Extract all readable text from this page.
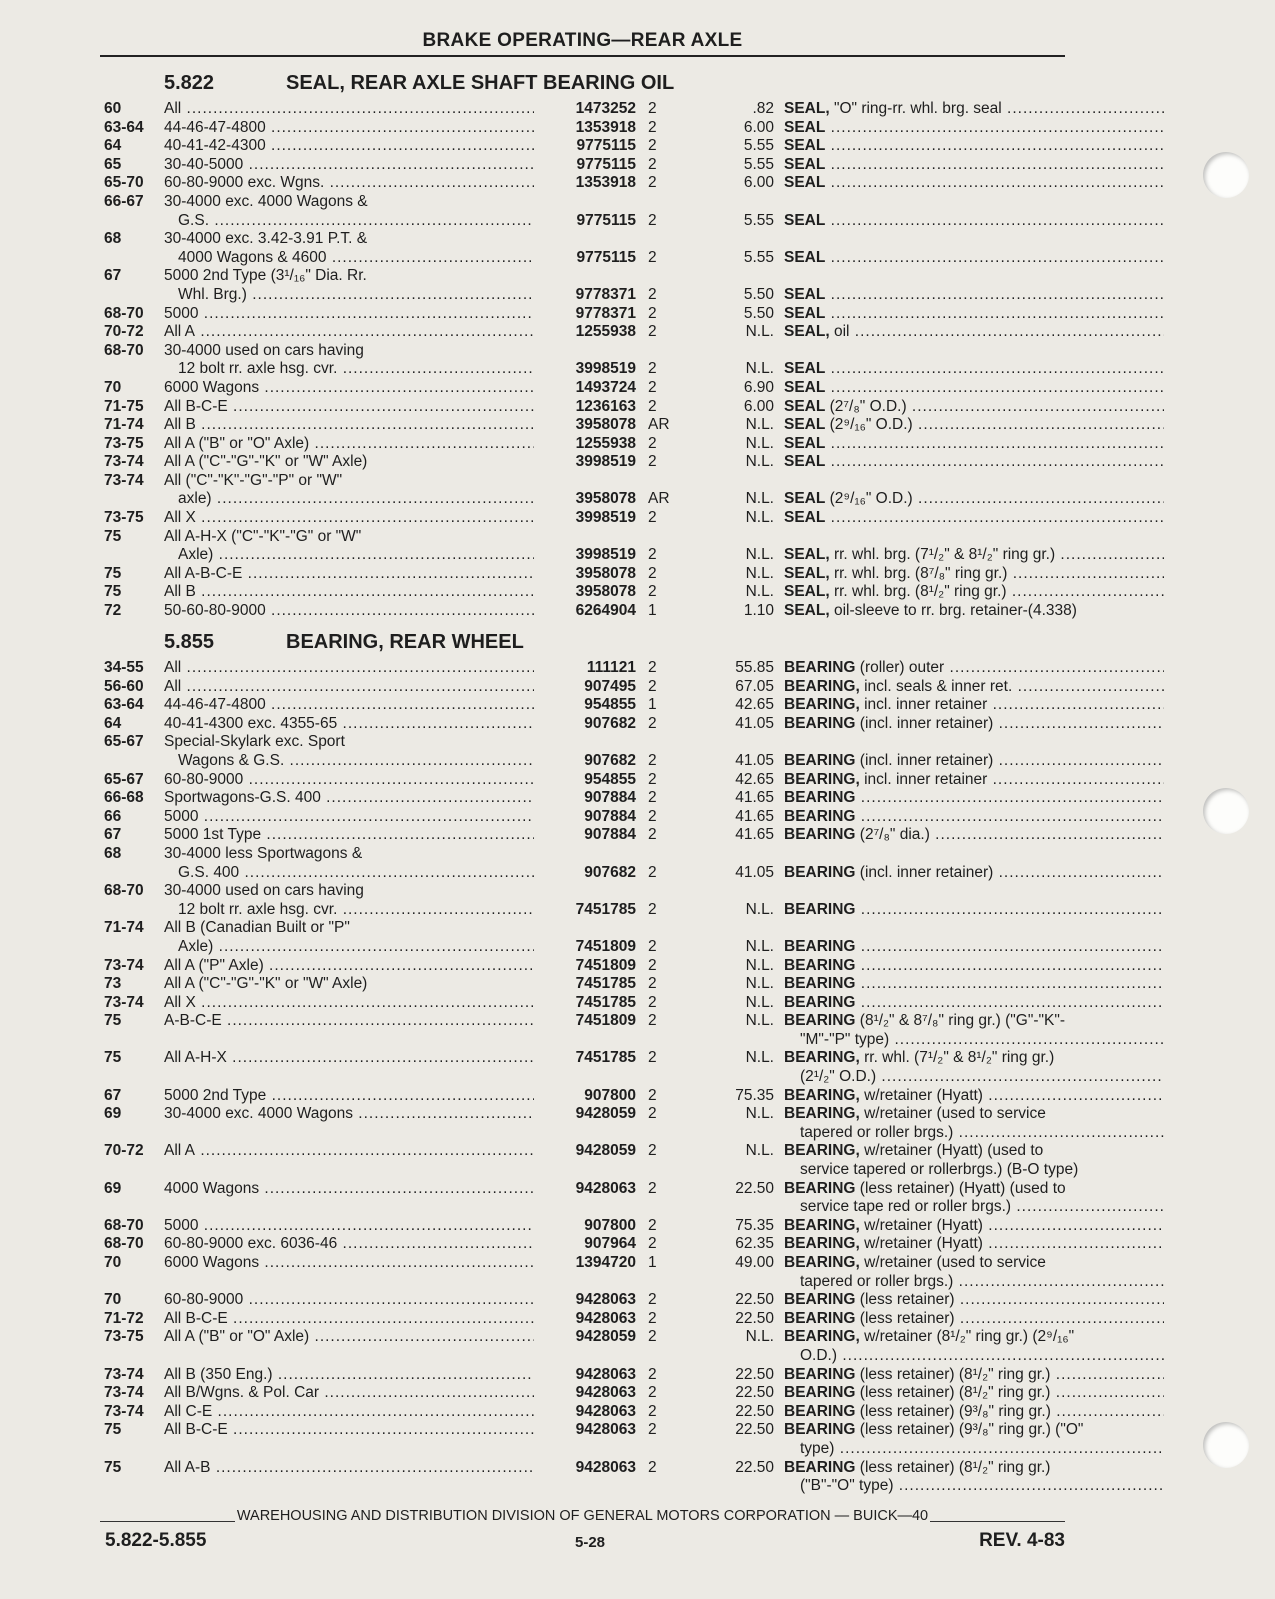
BRAKE OPERATING—REAR AXLE
5.822	SEAL, REAR AXLE SHAFT BEARING OIL
60	All .....	1473252 2	.82 SEAL, "O" ring-rr. whl. brg. seal .....
63-64	44-46-47-4800 .....	1353918 2	6.00 SEAL .....
64	40-41-42-4300 .....	9775115 2	5.55 SEAL .....
65	30-40-5000 .....	9775115 2	5.55 SEAL .....
65-70	60-80-9000 exc. Wgns. .....	1353918 2	6.00 SEAL .....
66-67	30-4000 exc. 4000 Wagons &
G.S. .....	9775115 2	5.55 SEAL .....
68	30-4000 exc. 3.42-3.91 P.T. &
4000 Wagons & 4600 .....	9775115 2	5.55 SEAL .....
67	5000 2nd Type (3¹/₁₆" Dia. Rr.
Whl. Brg.) .....	9778371 2	5.50 SEAL .....
68-70	5000 .....	9778371 2	5.50 SEAL .....
70-72	All A .....	1255938 2	N.L. SEAL, oil .....
68-70	30-4000 used on cars having
12 bolt rr. axle hsg. cvr. .....	3998519 2	N.L. SEAL .....
70	6000 Wagons .....	1493724 2	6.90 SEAL .....
71-75	All B-C-E .....	1236163 2	6.00 SEAL (2⁷/₈" O.D.) .....
71-74	All B .....	3958078 AR	N.L. SEAL (2⁹/₁₆" O.D.) .....
73-75	All A ("B" or "O" Axle) .....	1255938 2	N.L. SEAL .....
73-74	All A ("C"-"G"-"K" or "W" Axle)	3998519 2	N.L. SEAL .....
73-74	All ("C"-"K"-"G"-"P" or "W"
axle) .....	3958078 AR	N.L. SEAL (2⁹/₁₆" O.D.) .....
73-75	All X .....	3998519 2	N.L. SEAL .....
75	All A-H-X ("C"-"K"-"G" or "W"
Axle) .....	3998519 2	N.L. SEAL, rr. whl. brg. (7¹/₂" & 8¹/₂" ring gr.) .....
75	All A-B-C-E .....	3958078 2	N.L. SEAL, rr. whl. brg. (8⁷/₈" ring gr.) .....
75	All B .....	3958078 2	N.L. SEAL, rr. whl. brg. (8¹/₂" ring gr.) .....
72	50-60-80-9000 .....	6264904 1	1.10 SEAL, oil-sleeve to rr. brg. retainer-(4.338)
5.855	BEARING, REAR WHEEL
34-55	All .....	111121 2	55.85 BEARING (roller) outer .....
56-60	All .....	907495 2	67.05 BEARING, incl. seals & inner ret. .....
63-64	44-46-47-4800 .....	954855 1	42.65 BEARING, incl. inner retainer .....
64	40-41-4300 exc. 4355-65 .....	907682 2	41.05 BEARING (incl. inner retainer) .....
65-67	Special-Skylark exc. Sport
Wagons & G.S. .....	907682 2	41.05 BEARING (incl. inner retainer) .....
65-67	60-80-9000 .....	954855 2	42.65 BEARING, incl. inner retainer .....
66-68	Sportwagons-G.S. 400 .....	907884 2	41.65 BEARING .....
66	5000 .....	907884 2	41.65 BEARING .....
67	5000 1st Type .....	907884 2	41.65 BEARING (2⁷/₈" dia.) .....
68	30-4000 less Sportwagons &
G.S. 400 .....	907682 2	41.05 BEARING (incl. inner retainer) .....
68-70	30-4000 used on cars having
12 bolt rr. axle hsg. cvr. .....	7451785 2	N.L. BEARING .....
71-74	All B (Canadian Built or "P"
Axle) .....	7451809 2	N.L. BEARING .....
73-74	All A ("P" Axle) .....	7451809 2	N.L. BEARING .....
73	All A ("C"-"G"-"K" or "W" Axle)	7451785 2	N.L. BEARING .....
73-74	All X .....	7451785 2	N.L. BEARING .....
75	A-B-C-E .....	7451809 2	N.L. BEARING (8¹/₂" & 8⁷/₈" ring gr.) ("G"-"K"-
"M"-"P" type) .....
75	All A-H-X .....	7451785 2	N.L. BEARING, rr. whl. (7¹/₂" & 8¹/₂" ring gr.)
(2¹/₂" O.D.) .....
67	5000 2nd Type .....	907800 2	75.35 BEARING, w/retainer (Hyatt) .....
69	30-4000 exc. 4000 Wagons .....	9428059 2	N.L. BEARING, w/retainer (used to service
tapered or roller brgs.) .....
70-72	All A .....	9428059 2	N.L. BEARING, w/retainer (Hyatt) (used to
service tapered or rollerbrgs.) (B-O type)
69	4000 Wagons .....	9428063 2	22.50 BEARING (less retainer) (Hyatt) (used to
service tape red or roller brgs.) .....
68-70	5000 .....	907800 2	75.35 BEARING, w/retainer (Hyatt) .....
68-70	60-80-9000 exc. 6036-46 .....	907964 2	62.35 BEARING, w/retainer (Hyatt) .....
70	6000 Wagons .....	1394720 1	49.00 BEARING, w/retainer (used to service
tapered or roller brgs.) .....
70	60-80-9000 .....	9428063 2	22.50 BEARING (less retainer) .....
71-72	All B-C-E .....	9428063 2	22.50 BEARING (less retainer) .....
73-75	All A ("B" or "O" Axle) .....	9428059 2	N.L. BEARING, w/retainer (8¹/₂" ring gr.) (2⁹/₁₆"
O.D.) .....
73-74	All B (350 Eng.) .....	9428063 2	22.50 BEARING (less retainer) (8¹/₂" ring gr.) .....
73-74	All B/Wgns. & Pol. Car .....	9428063 2	22.50 BEARING (less retainer) (8¹/₂" ring gr.) .....
73-74	All C-E .....	9428063 2	22.50 BEARING (less retainer) (9³/₈" ring gr.) .....
75	All B-C-E .....	9428063 2	22.50 BEARING (less retainer) (9³/₈" ring gr.) ("O"
type) .....
75	All A-B .....	9428063 2	22.50 BEARING (less retainer) (8¹/₂" ring gr.)
("B"-"O" type) .....
WAREHOUSING AND DISTRIBUTION DIVISION OF GENERAL MOTORS CORPORATION — BUICK—40
5.822-5.855	5-28	REV. 4-83
